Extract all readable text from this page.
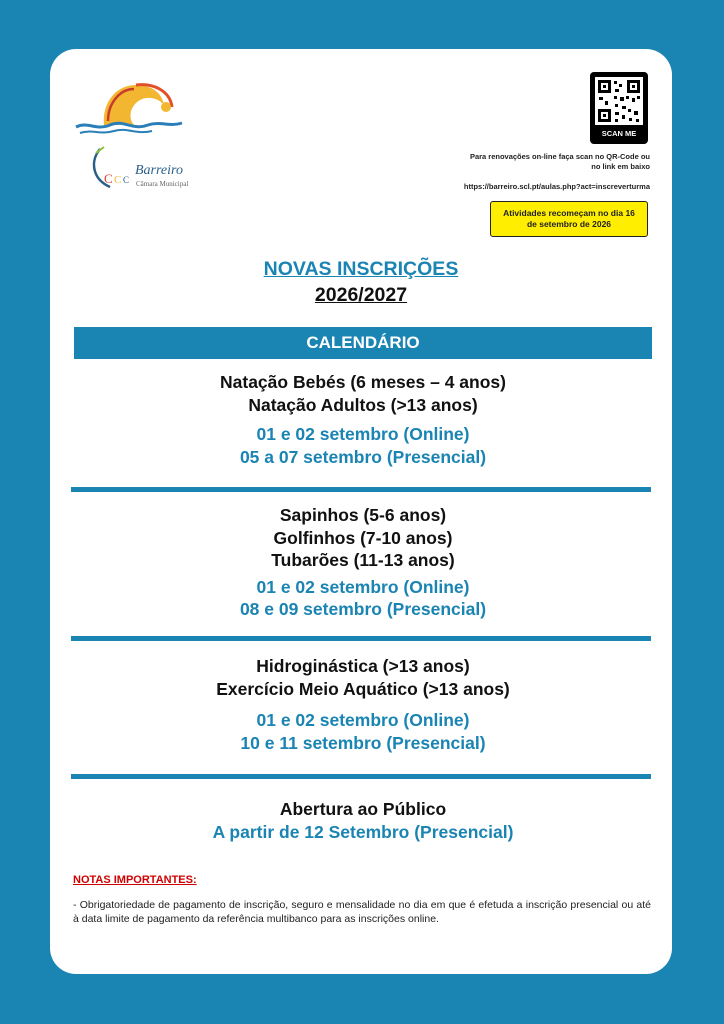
C C C
Barreiro
Câmara Municipal
SCAN ME
Para renovações on-line faça scan no QR-Code ou no link em baixo
https://barreiro.scl.pt/aulas.php?act=inscreverturma
Atividades recomeçam no dia 16 de setembro de 2026
NOVAS INSCRIÇÕES
2026/2027
CALENDÁRIO
Natação Bebés (6 meses – 4 anos)
Natação Adultos (>13 anos)
01 e 02 setembro (Online)
05 a 07 setembro (Presencial)
Sapinhos (5-6 anos)
Golfinhos (7-10 anos)
Tubarões (11-13 anos)
01 e 02 setembro (Online)
08 e 09 setembro (Presencial)
Hidroginástica (>13 anos)
Exercício Meio Aquático (>13 anos)
01 e 02 setembro (Online)
10 e 11 setembro (Presencial)
Abertura ao Público
A partir de 12 Setembro (Presencial)
NOTAS IMPORTANTES:
- Obrigatoriedade de pagamento de inscrição, seguro e mensalidade no dia em que é efetuda a inscrição presencial ou até à data limite de pagamento da referência multibanco para as inscrições online.
